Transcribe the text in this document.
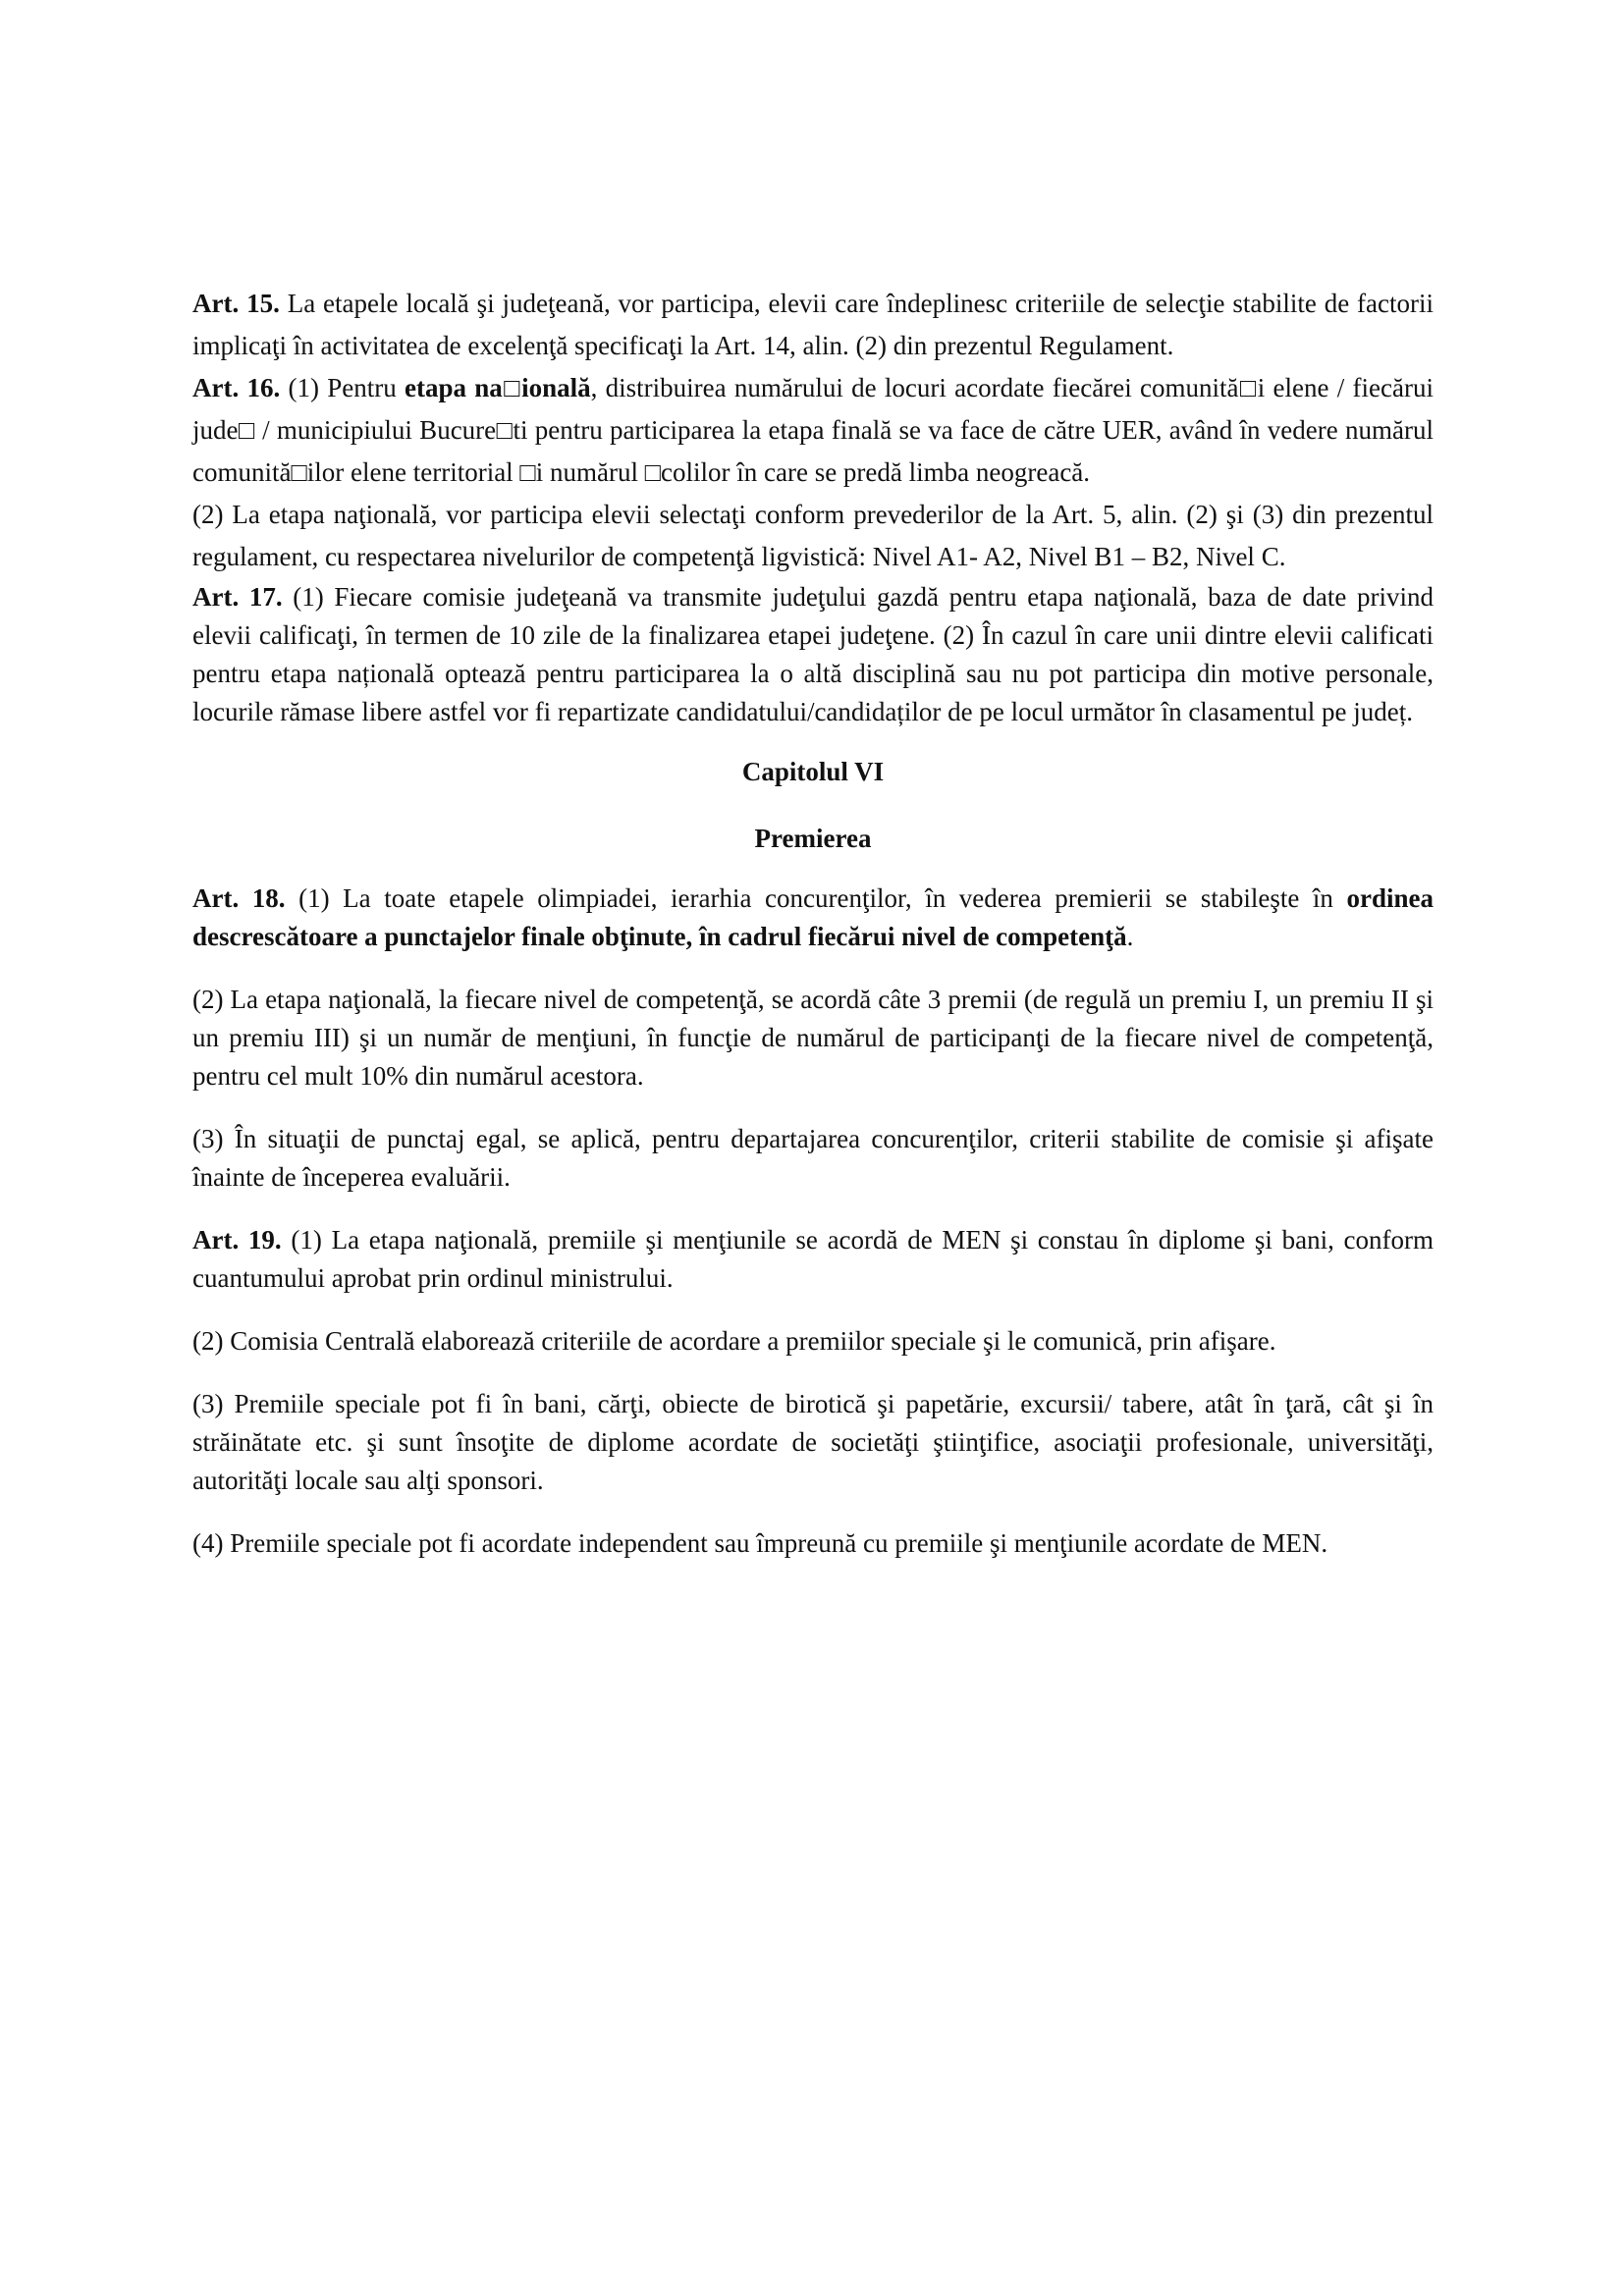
Art. 15. La etapele locală şi judeţeană, vor participa, elevii care îndeplinesc criteriile de selecţie stabilite de factorii implicaţi în activitatea de excelenţă specificaţi la Art. 14, alin. (2) din prezentul Regulament.

Art. 16. (1) Pentru etapa na□ională, distribuirea numărului de locuri acordate fiecărei comunită□i elene / fiecărui jude□ / municipiului Bucure□ti pentru participarea la etapa finală se va face de către UER, având în vedere numărul comunită□ilor elene territorial □i numărul □colilor în care se predă limba neogreacă.

(2) La etapa naţională, vor participa elevii selectaţi conform prevederilor de la Art. 5, alin. (2) şi (3) din prezentul regulament, cu respectarea nivelurilor de competenţă ligvistică: Nivel A1- A2, Nivel B1 – B2, Nivel C.

Art. 17. (1) Fiecare comisie judeţeană va transmite judeţului gazdă pentru etapa naţională, baza de date privind elevii calificaţi, în termen de 10 zile de la finalizarea etapei judeţene. (2) În cazul în care unii dintre elevii calificati pentru etapa națională optează pentru participarea la o altă disciplină sau nu pot participa din motive personale, locurile rămase libere astfel vor fi repartizate candidatului/candidaților de pe locul următor în clasamentul pe județ.

Capitolul VI

Premierea

Art. 18. (1) La toate etapele olimpiadei, ierarhia concurenţilor, în vederea premierii se stabileşte în ordinea descrescătoare a punctajelor finale obţinute, în cadrul fiecărui nivel de competenţă.

(2) La etapa naţională, la fiecare nivel de competenţă, se acordă câte 3 premii (de regulă un premiu I, un premiu II şi un premiu III) şi un număr de menţiuni, în funcţie de numărul de participanţi de la fiecare nivel de competenţă, pentru cel mult 10% din numărul acestora.

(3) În situaţii de punctaj egal, se aplică, pentru departajarea concurenţilor, criterii stabilite de comisie şi afişate înainte de începerea evaluării.

Art. 19. (1) La etapa naţională, premiile şi menţiunile se acordă de MEN şi constau în diplome şi bani, conform cuantumului aprobat prin ordinul ministrului.

(2) Comisia Centrală elaborează criteriile de acordare a premiilor speciale şi le comunică, prin afişare.

(3) Premiile speciale pot fi în bani, cărţi, obiecte de birotică şi papetărie, excursii/ tabere, atât în ţară, cât şi în străinătate etc. şi sunt însoţite de diplome acordate de societăţi ştiinţifice, asociaţii profesionale, universităţi, autorităţi locale sau alţi sponsori.

(4) Premiile speciale pot fi acordate independent sau împreună cu premiile şi menţiunile acordate de MEN.
